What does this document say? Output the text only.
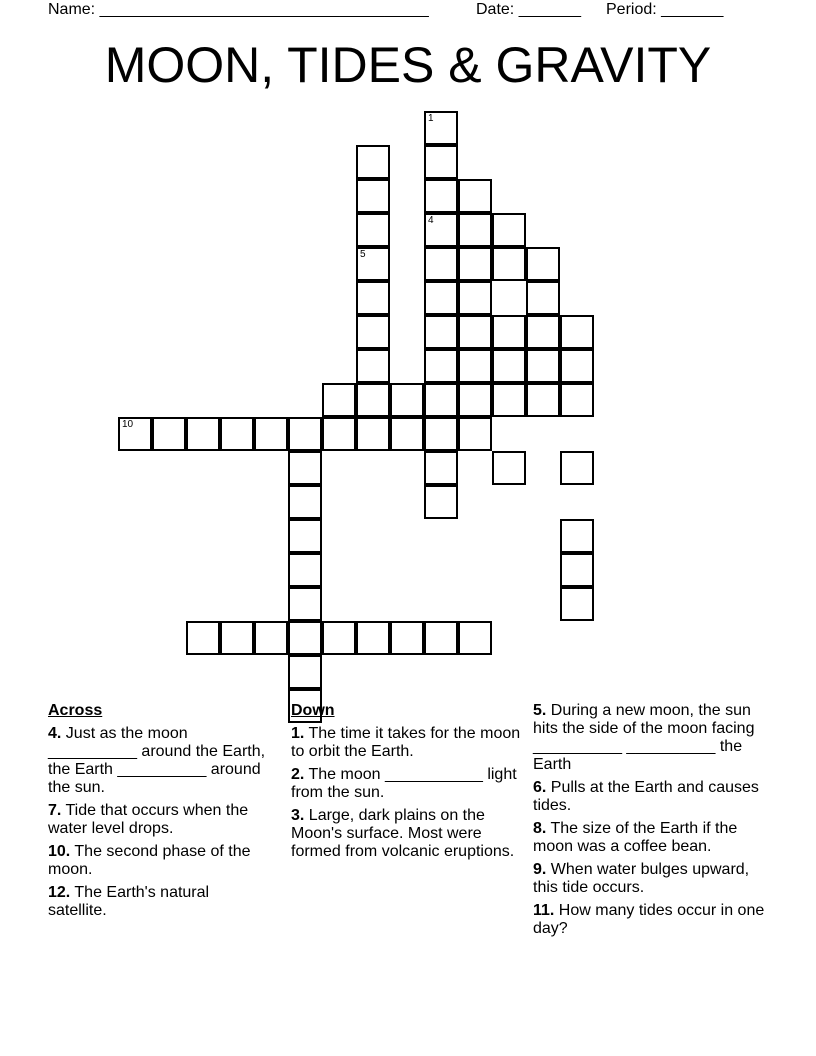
Name: _____________________________________	Date: _______ Period: _______
MOON, TIDES & GRAVITY
10
1
4
5
Across
4. Just as the moon __________ around the Earth, the Earth __________ around the sun.
7. Tide that occurs when the water level drops.
10. The second phase of the moon.
12. The Earth's natural satellite.
Down
1. The time it takes for the moon to orbit the Earth.
2. The moon ___________ light from the sun.
3. Large, dark plains on the Moon's surface. Most were formed from volcanic eruptions.
5. During a new moon, the sun hits the side of the moon facing __________ __________ the Earth
6. Pulls at the Earth and causes tides.
8. The size of the Earth if the moon was a coffee bean.
9. When water bulges upward, this tide occurs.
11. How many tides occur in one day?
